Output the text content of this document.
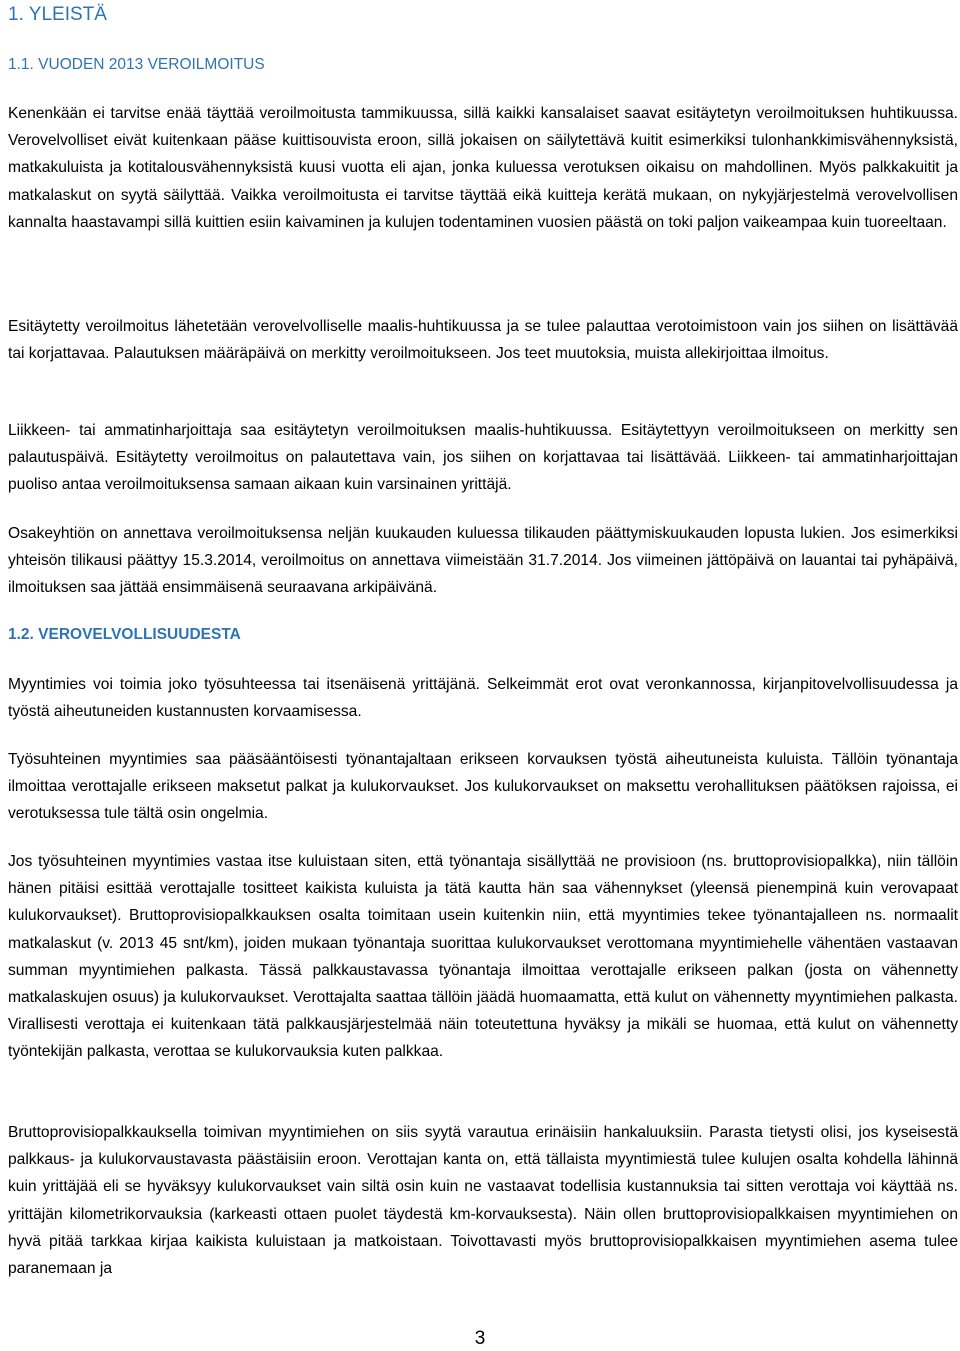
1. YLEISTÄ
1.1. VUODEN 2013 VEROILMOITUS

Kenenkään ei tarvitse enää täyttää veroilmoitusta tammikuussa, sillä kaikki kansalaiset saavat esitäytetyn veroilmoituksen huhtikuussa. Verovelvolliset eivät kuitenkaan pääse kuittisouvista eroon, sillä jokaisen on säilytettävä kuitit esimerkiksi tulonhankkimisvähennyksistä, matkakuluista ja kotitalousvähennyksistä kuusi vuotta eli ajan, jonka kuluessa verotuksen oikaisu on mahdollinen. Myös palkkakuitit ja matkalaskut on syytä säilyttää. Vaikka veroilmoitusta ei tarvitse täyttää eikä kuitteja kerätä mukaan, on nykyjärjestelmä verovelvollisen kannalta haastavampi sillä kuittien esiin kaivaminen ja kulujen todentaminen vuosien päästä on toki paljon vaikeampaa kuin tuoreeltaan.

Esitäytetty veroilmoitus lähetetään verovelvolliselle maalis-huhtikuussa ja se tulee palauttaa verotoimistoon vain jos siihen on lisättävää tai korjattavaa. Palautuksen määräpäivä on merkitty veroilmoitukseen. Jos teet muutoksia, muista allekirjoittaa ilmoitus.

Liikkeen- tai ammatinharjoittaja saa esitäytetyn veroilmoituksen maalis-huhtikuussa. Esitäytettyyn veroilmoitukseen on merkitty sen palautuspäivä. Esitäytetty veroilmoitus on palautettava vain, jos siihen on korjattavaa tai lisättävää. Liikkeen- tai ammatinharjoittajan puoliso antaa veroilmoituksensa samaan aikaan kuin varsinainen yrittäjä.

Osakeyhtiön on annettava veroilmoituksensa neljän kuukauden kuluessa tilikauden päättymiskuukauden lopusta lukien. Jos esimerkiksi yhteisön tilikausi päättyy 15.3.2014, veroilmoitus on annettava viimeistään 31.7.2014. Jos viimeinen jättöpäivä on lauantai tai pyhäpäivä, ilmoituksen saa jättää ensimmäisenä seuraavana arkipäivänä.

1.2. VEROVELVOLLISUUDESTA

Myyntimies voi toimia joko työsuhteessa tai itsenäisenä yrittäjänä. Selkeimmät erot ovat veronkannossa, kirjanpitovelvollisuudessa ja työstä aiheutuneiden kustannusten korvaamisessa.

Työsuhteinen myyntimies saa pääsääntöisesti työnantajaltaan erikseen korvauksen työstä aiheutuneista kuluista. Tällöin työnantaja ilmoittaa verottajalle erikseen maksetut palkat ja kulukorvaukset. Jos kulukorvaukset on maksettu verohallituksen päätöksen rajoissa, ei verotuksessa tule tältä osin ongelmia.

Jos työsuhteinen myyntimies vastaa itse kuluistaan siten, että työnantaja sisällyttää ne provisioon (ns. bruttoprovisiopalkka), niin tällöin hänen pitäisi esittää verottajalle tositteet kaikista kuluista ja tätä kautta hän saa vähennykset (yleensä pienempinä kuin verovapaat kulukorvaukset). Bruttoprovisiopalkkauksen osalta toimitaan usein kuitenkin niin, että myyntimies tekee työnantajalleen ns. normaalit matkalaskut (v. 2013 45 snt/km), joiden mukaan työnantaja suorittaa kulukorvaukset verottomana myyntimiehelle vähentäen vastaavan summan myyntimiehen palkasta. Tässä palkkaustavassa työnantaja ilmoittaa verottajalle erikseen palkan (josta on vähennetty matkalaskujen osuus) ja kulukorvaukset. Verottajalta saattaa tällöin jäädä huomaamatta, että kulut on vähennetty myyntimiehen palkasta. Virallisesti verottaja ei kuitenkaan tätä palkkausjärjestelmää näin toteutettuna hyväksy ja mikäli se huomaa, että kulut on vähennetty työntekijän palkasta, verottaa se kulukorvauksia kuten palkkaa.

Bruttoprovisiopalkkauksella toimivan myyntimiehen on siis syytä varautua erinäisiin hankaluuksiin. Parasta tietysti olisi, jos kyseisestä palkkaus- ja kulukorvaustavasta päästäisiin eroon. Verottajan kanta on, että tällaista myyntimiestä tulee kulujen osalta kohdella lähinnä kuin yrittäjää eli se hyväksyy kulukorvaukset vain siltä osin kuin ne vastaavat todellisia kustannuksia tai sitten verottaja voi käyttää ns. yrittäjän kilometrikorvauksia (karkeasti ottaen puolet täydestä km-korvauksesta). Näin ollen bruttoprovisiopalkkaisen myyntimiehen on hyvä pitää tarkkaa kirjaa kaikista kuluistaan ja matkoistaan. Toivottavasti myös bruttoprovisiopalkkaisen myyntimiehen asema tulee paranemaan ja

3
